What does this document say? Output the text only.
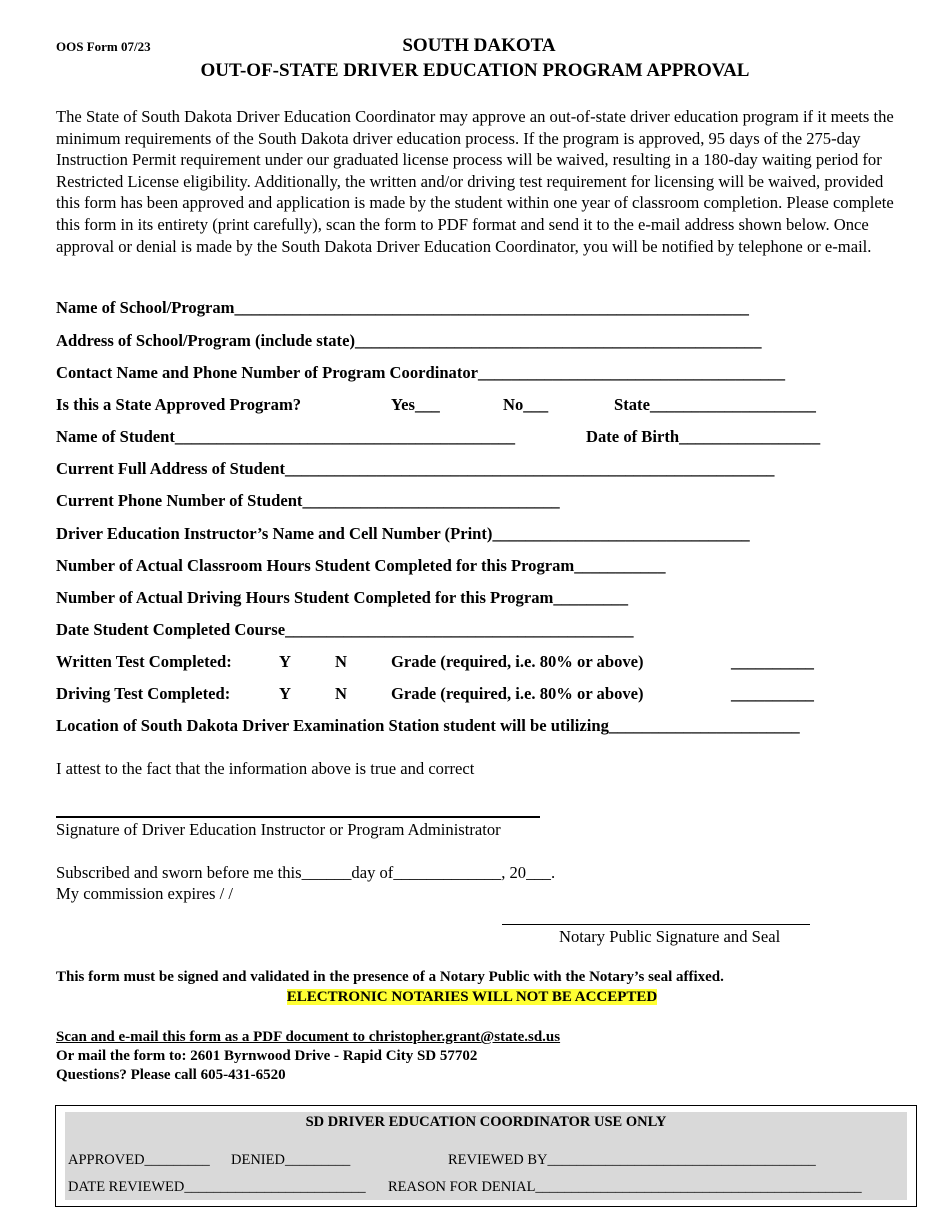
OOS Form 07/23	SOUTH DAKOTA
OUT-OF-STATE DRIVER EDUCATION PROGRAM APPROVAL
The State of South Dakota Driver Education Coordinator may approve an out-of-state driver education program if it meets the minimum requirements of the South Dakota driver education process. If the program is approved, 95 days of the 275-day Instruction Permit requirement under our graduated license process will be waived, resulting in a 180-day waiting period for Restricted License eligibility. Additionally, the written and/or driving test requirement for licensing will be waived, provided this form has been approved and application is made by the student within one year of classroom completion. Please complete this form in its entirety (print carefully), scan the form to PDF format and send it to the e-mail address shown below. Once approval or denial is made by the South Dakota Driver Education Coordinator, you will be notified by telephone or e-mail.
Name of School/Program______________________________________________________________
Address of School/Program (include state)_________________________________________________
Contact Name and Phone Number of Program Coordinator_____________________________________
Is this a State Approved Program?	Yes___	No___	State____________________
Name of Student_________________________________________	Date of Birth_________________
Current Full Address of Student___________________________________________________________
Current Phone Number of Student_______________________________
Driver Education Instructor’s Name and Cell Number (Print)_______________________________
Number of Actual Classroom Hours Student Completed for this Program___________
Number of Actual Driving Hours Student Completed for this Program_________
Date Student Completed Course__________________________________________
Written Test Completed:	Y	N	Grade (required, i.e. 80% or above)	__________
Driving Test Completed:	Y	N	Grade (required, i.e. 80% or above)	__________
Location of South Dakota Driver Examination Station student will be utilizing_______________________
I attest to the fact that the information above is true and correct
Signature of Driver Education Instructor or Program Administrator
Subscribed and sworn before me this______day of_____________, 20___.
My commission expires / /
Notary Public Signature and Seal
This form must be signed and validated in the presence of a Notary Public with the Notary’s seal affixed.
ELECTRONIC NOTARIES WILL NOT BE ACCEPTED
Scan and e-mail this form as a PDF document to christopher.grant@state.sd.us
Or mail the form to: 2601 Byrnwood Drive - Rapid City SD 57702
Questions? Please call 605-431-6520
SD DRIVER EDUCATION COORDINATOR USE ONLY
APPROVED_________ DENIED_________	REVIEWED BY_____________________________________
DATE REVIEWED_________________________ REASON FOR DENIAL_____________________________________________
